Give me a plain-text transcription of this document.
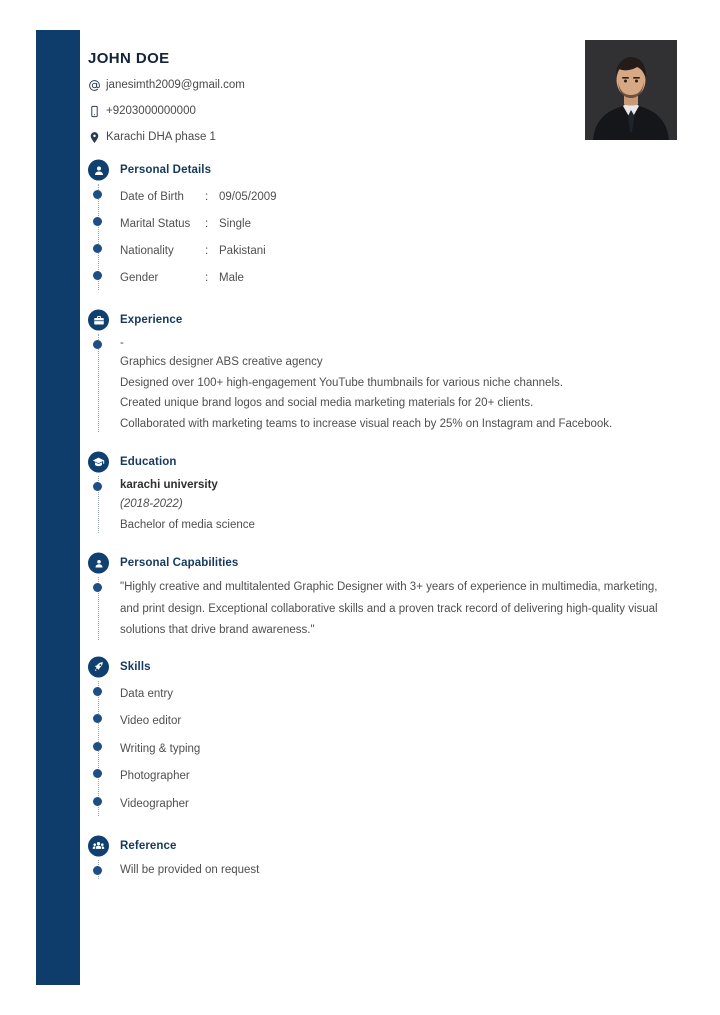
JOHN DOE
janesimth2009@gmail.com
+9203000000000
Karachi DHA phase 1
Personal Details
Date of Birth	: 09/05/2009
Marital Status	: Single
Nationality	: Pakistani
Gender	: Male
Experience
-
Graphics designer ABS creative agency
Designed over 100+ high-engagement YouTube thumbnails for various niche channels.
Created unique brand logos and social media marketing materials for 20+ clients.
Collaborated with marketing teams to increase visual reach by 25% on Instagram and Facebook.
Education
karachi university
(2018-2022)
Bachelor of media science
Personal Capabilities
"Highly creative and multitalented Graphic Designer with 3+ years of experience in multimedia, marketing, and print design. Exceptional collaborative skills and a proven track record of delivering high-quality visual solutions that drive brand awareness."
Skills
Data entry
Video editor
Writing & typing
Photographer
Videographer
Reference
Will be provided on request
